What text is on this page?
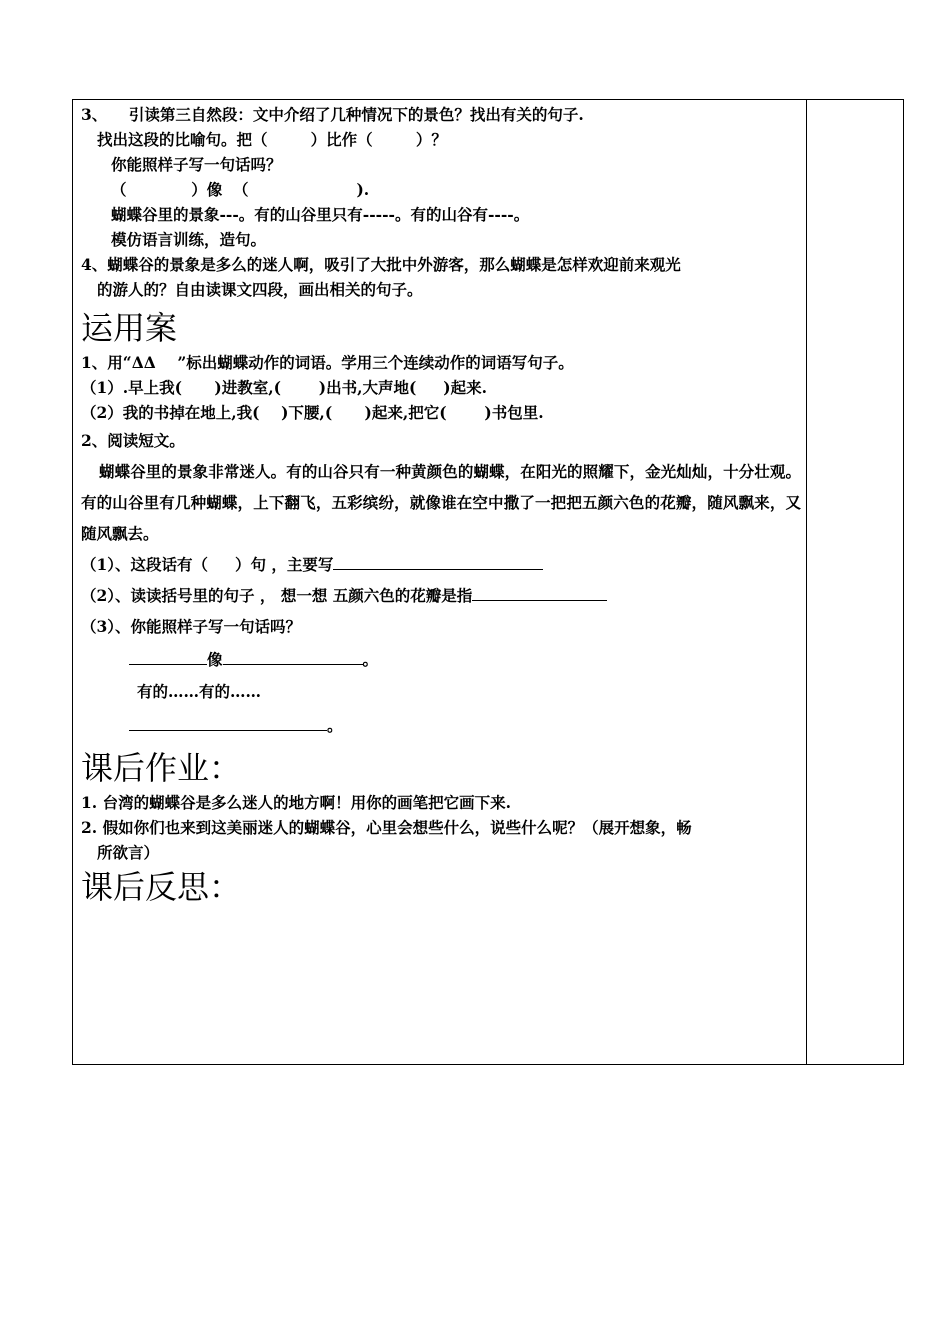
3、    引读第三自然段：文中介绍了几种情况下的景色？找出有关的句子.
找出这段的比喻句。把（        ）比作（        ）？
你能照样子写一句话吗？
（            ）像  （                    ).
蝴蝶谷里的景象---。有的山谷里只有-----。有的山谷有----。
模仿语言训练，造句。
4、蝴蝶谷的景象是多么的迷人啊，吸引了大批中外游客，那么蝴蝶是怎样欢迎前来观光
的游人的？自由读课文四段，画出相关的句子。
运用案
1、用“ΔΔ    ”标出蝴蝶动作的词语。学用三个连续动作的词语写句子。
（1）.早上我(      )进教室,(       )出书,大声地(     )起来.
（2）我的书掉在地上,我(    )下腰,(      )起来,把它(       )书包里.
2、阅读短文。
蝴蝶谷里的景象非常迷人。有的山谷只有一种黄颜色的蝴蝶，在阳光的照耀下，金光灿灿，十分壮观。有的山谷里有几种蝴蝶，上下翻飞，五彩缤纷，就像谁在空中撒了一把把五颜六色的花瓣，随风飘来，又随风飘去。
（1）、这段话有（     ）句 ，主要写
（2）、读读括号里的句子 ， 想一想 五颜六色的花瓣是指
（3）、你能照样子写一句话吗？
像	。
有的……有的……
。
课后作业：
1. 台湾的蝴蝶谷是多么迷人的地方啊！用你的画笔把它画下来.
2. 假如你们也来到这美丽迷人的蝴蝶谷，心里会想些什么，说些什么呢？（展开想象，畅
所欲言）
课后反思：
